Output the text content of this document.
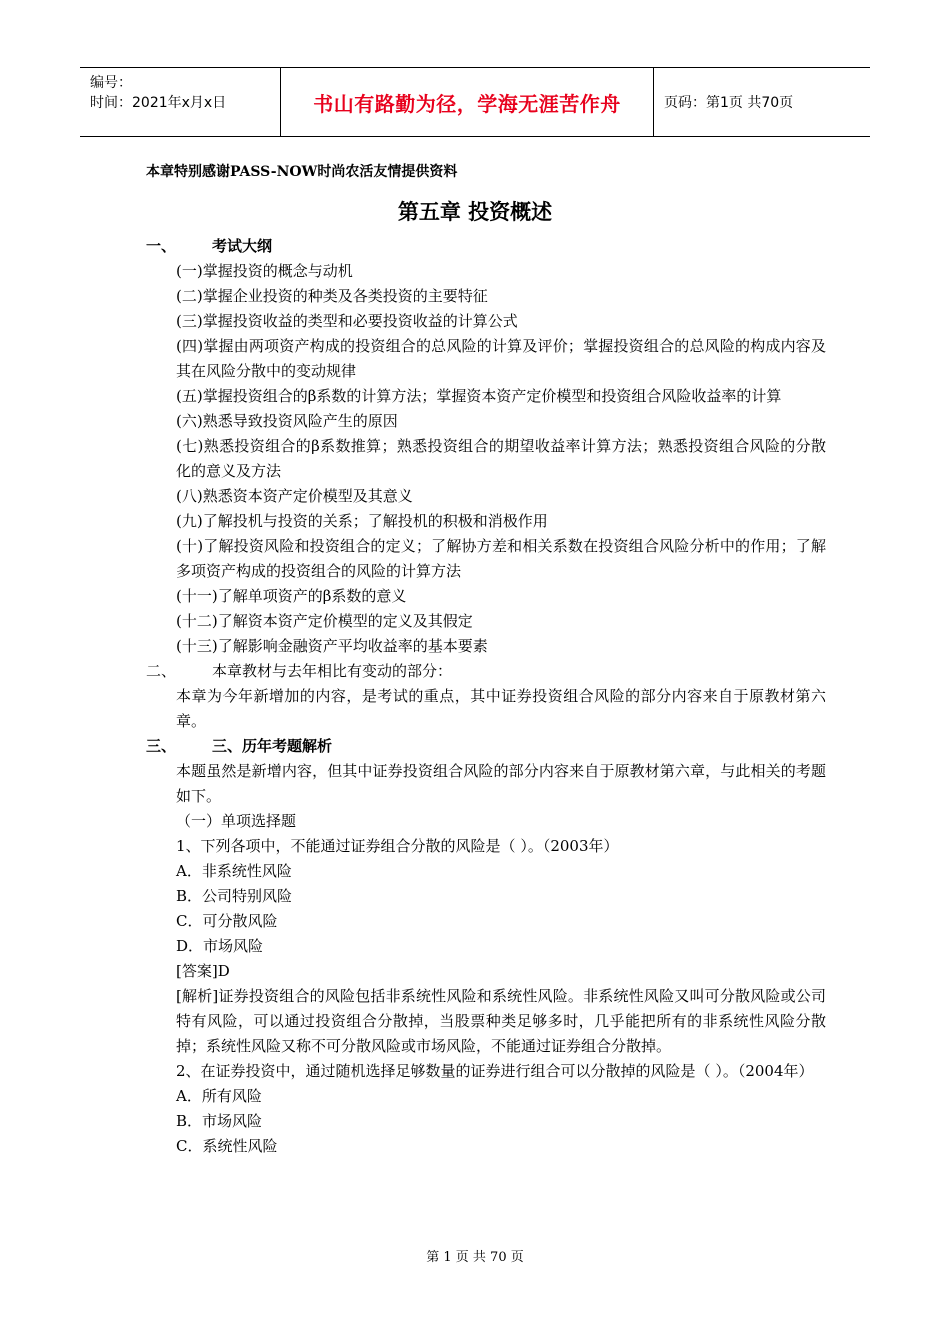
编号：
时间：2021年x月x日	书山有路勤为径，学海无涯苦作舟	页码：第1页 共70页
本章特别感谢PASS-NOW时尚农活友情提供资料
第五章 投资概述
一、	考试大纲
(一)掌握投资的概念与动机
(二)掌握企业投资的种类及各类投资的主要特征
(三)掌握投资收益的类型和必要投资收益的计算公式
(四)掌握由两项资产构成的投资组合的总风险的计算及评价；掌握投资组合的总风险的构成内容及其在风险分散中的变动规律
(五)掌握投资组合的β系数的计算方法；掌握资本资产定价模型和投资组合风险收益率的计算
(六)熟悉导致投资风险产生的原因
(七)熟悉投资组合的β系数推算；熟悉投资组合的期望收益率计算方法；熟悉投资组合风险的分散化的意义及方法
(八)熟悉资本资产定价模型及其意义
(九)了解投机与投资的关系；了解投机的积极和消极作用
(十)了解投资风险和投资组合的定义；了解协方差和相关系数在投资组合风险分析中的作用；了解多项资产构成的投资组合的风险的计算方法
(十一)了解单项资产的β系数的意义
(十二)了解资本资产定价模型的定义及其假定
(十三)了解影响金融资产平均收益率的基本要素
二、	本章教材与去年相比有变动的部分：
本章为今年新增加的内容，是考试的重点，其中证券投资组合风险的部分内容来自于原教材第六章。
三、	三、历年考题解析
本题虽然是新增内容，但其中证券投资组合风险的部分内容来自于原教材第六章，与此相关的考题如下。
（一）单项选择题
1、下列各项中，不能通过证券组合分散的风险是（ ）。（2003年）
A．非系统性风险
B．公司特别风险
C．可分散风险
D．市场风险
[答案]D
[解析]证券投资组合的风险包括非系统性风险和系统性风险。非系统性风险又叫可分散风险或公司特有风险，可以通过投资组合分散掉，当股票种类足够多时，几乎能把所有的非系统性风险分散掉；系统性风险又称不可分散风险或市场风险，不能通过证券组合分散掉。
2、在证券投资中，通过随机选择足够数量的证券进行组合可以分散掉的风险是（ ）。（2004年）
A．所有风险
B．市场风险
C．系统性风险
第 1 页 共 70 页
